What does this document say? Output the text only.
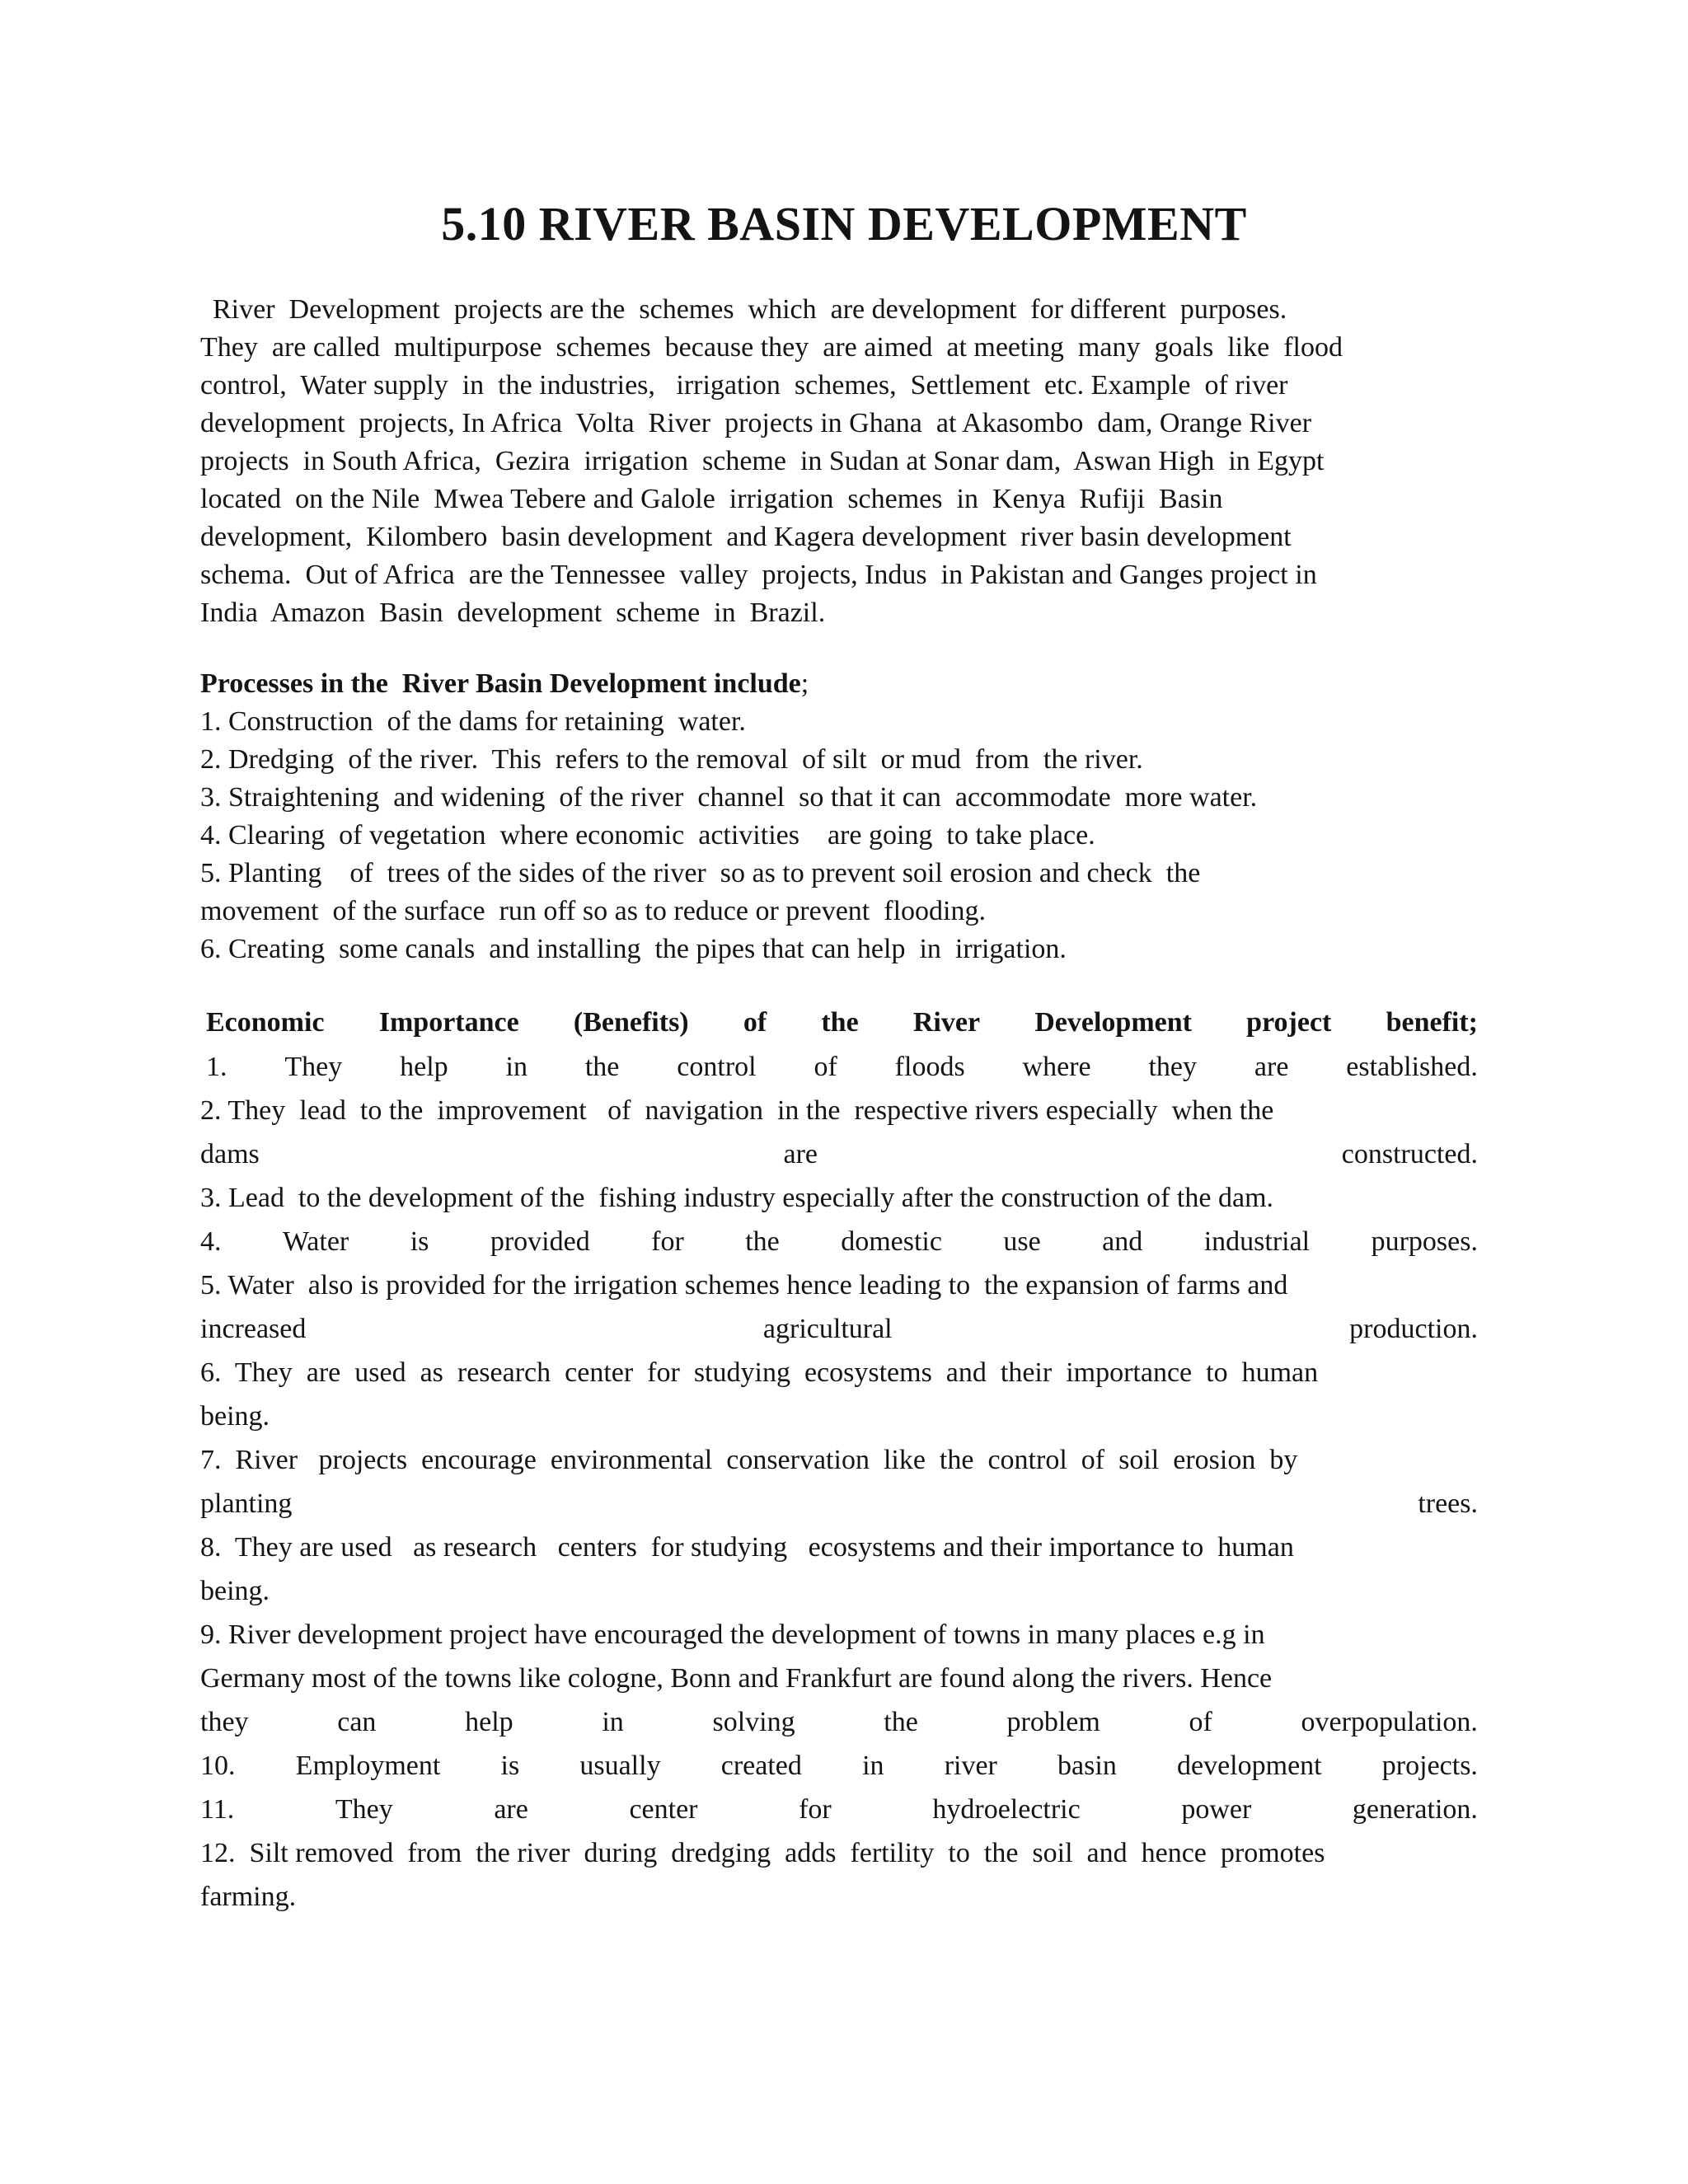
5.10 RIVER BASIN DEVELOPMENT
River  Development  projects are the  schemes  which  are development  for different  purposes.
They  are called  multipurpose  schemes  because they  are aimed  at meeting  many  goals  like  flood
control,  Water supply  in  the industries,   irrigation  schemes,  Settlement  etc. Example  of river
development  projects, In Africa  Volta  River  projects in Ghana  at Akasombo  dam, Orange River
projects  in South Africa,  Gezira  irrigation  scheme  in Sudan at Sonar dam,  Aswan High  in Egypt
located  on the Nile  Mwea Tebere and Galole  irrigation  schemes  in  Kenya  Rufiji  Basin
development,  Kilombero  basin development  and Kagera development  river basin development
schema.  Out of Africa  are the Tennessee  valley  projects, Indus  in Pakistan and Ganges project in
India  Amazon  Basin  development  scheme  in  Brazil.
Processes in the  River Basin Development include;
1. Construction  of the dams for retaining  water.
2. Dredging  of the river.  This  refers to the removal  of silt  or mud  from  the river.
3. Straightening  and widening  of the river  channel  so that it can  accommodate  more water.
4. Clearing  of vegetation  where economic  activities    are going  to take place.
5. Planting    of  trees of the sides of the river  so as to prevent soil erosion and check  the
movement  of the surface  run off so as to reduce or prevent  flooding.
6. Creating  some canals  and installing  the pipes that can help  in  irrigation.
Economic Importance (Benefits) of the River Development project benefit;
1. They help in the control of floods where they are established.
2. They  lead  to the  improvement   of  navigation  in the  respective rivers especially  when the
dams	are	constructed.
3. Lead  to the development of the  fishing industry especially after the construction of the dam.
4. Water is provided for the domestic use and industrial purposes.
5. Water  also is provided for the irrigation schemes hence leading to  the expansion of farms and
increased	agricultural	production.
6.  They  are  used  as  research  center  for  studying  ecosystems  and  their  importance  to  human
being.
7.  River   projects  encourage  environmental  conservation  like  the  control  of  soil  erosion  by
planting	trees.
8.  They are used   as research   centers  for studying   ecosystems and their importance to  human
being.
9. River development project have encouraged the development of towns in many places e.g in
Germany most of the towns like cologne, Bonn and Frankfurt are found along the rivers. Hence
they	can	help	in	solving	the	problem	of	overpopulation.
10. Employment is usually created in river basin development projects.
11.	They	are	center	for	hydroelectric	power	generation.
12.  Silt removed  from  the river  during  dredging  adds  fertility  to  the  soil  and  hence  promotes
farming.
